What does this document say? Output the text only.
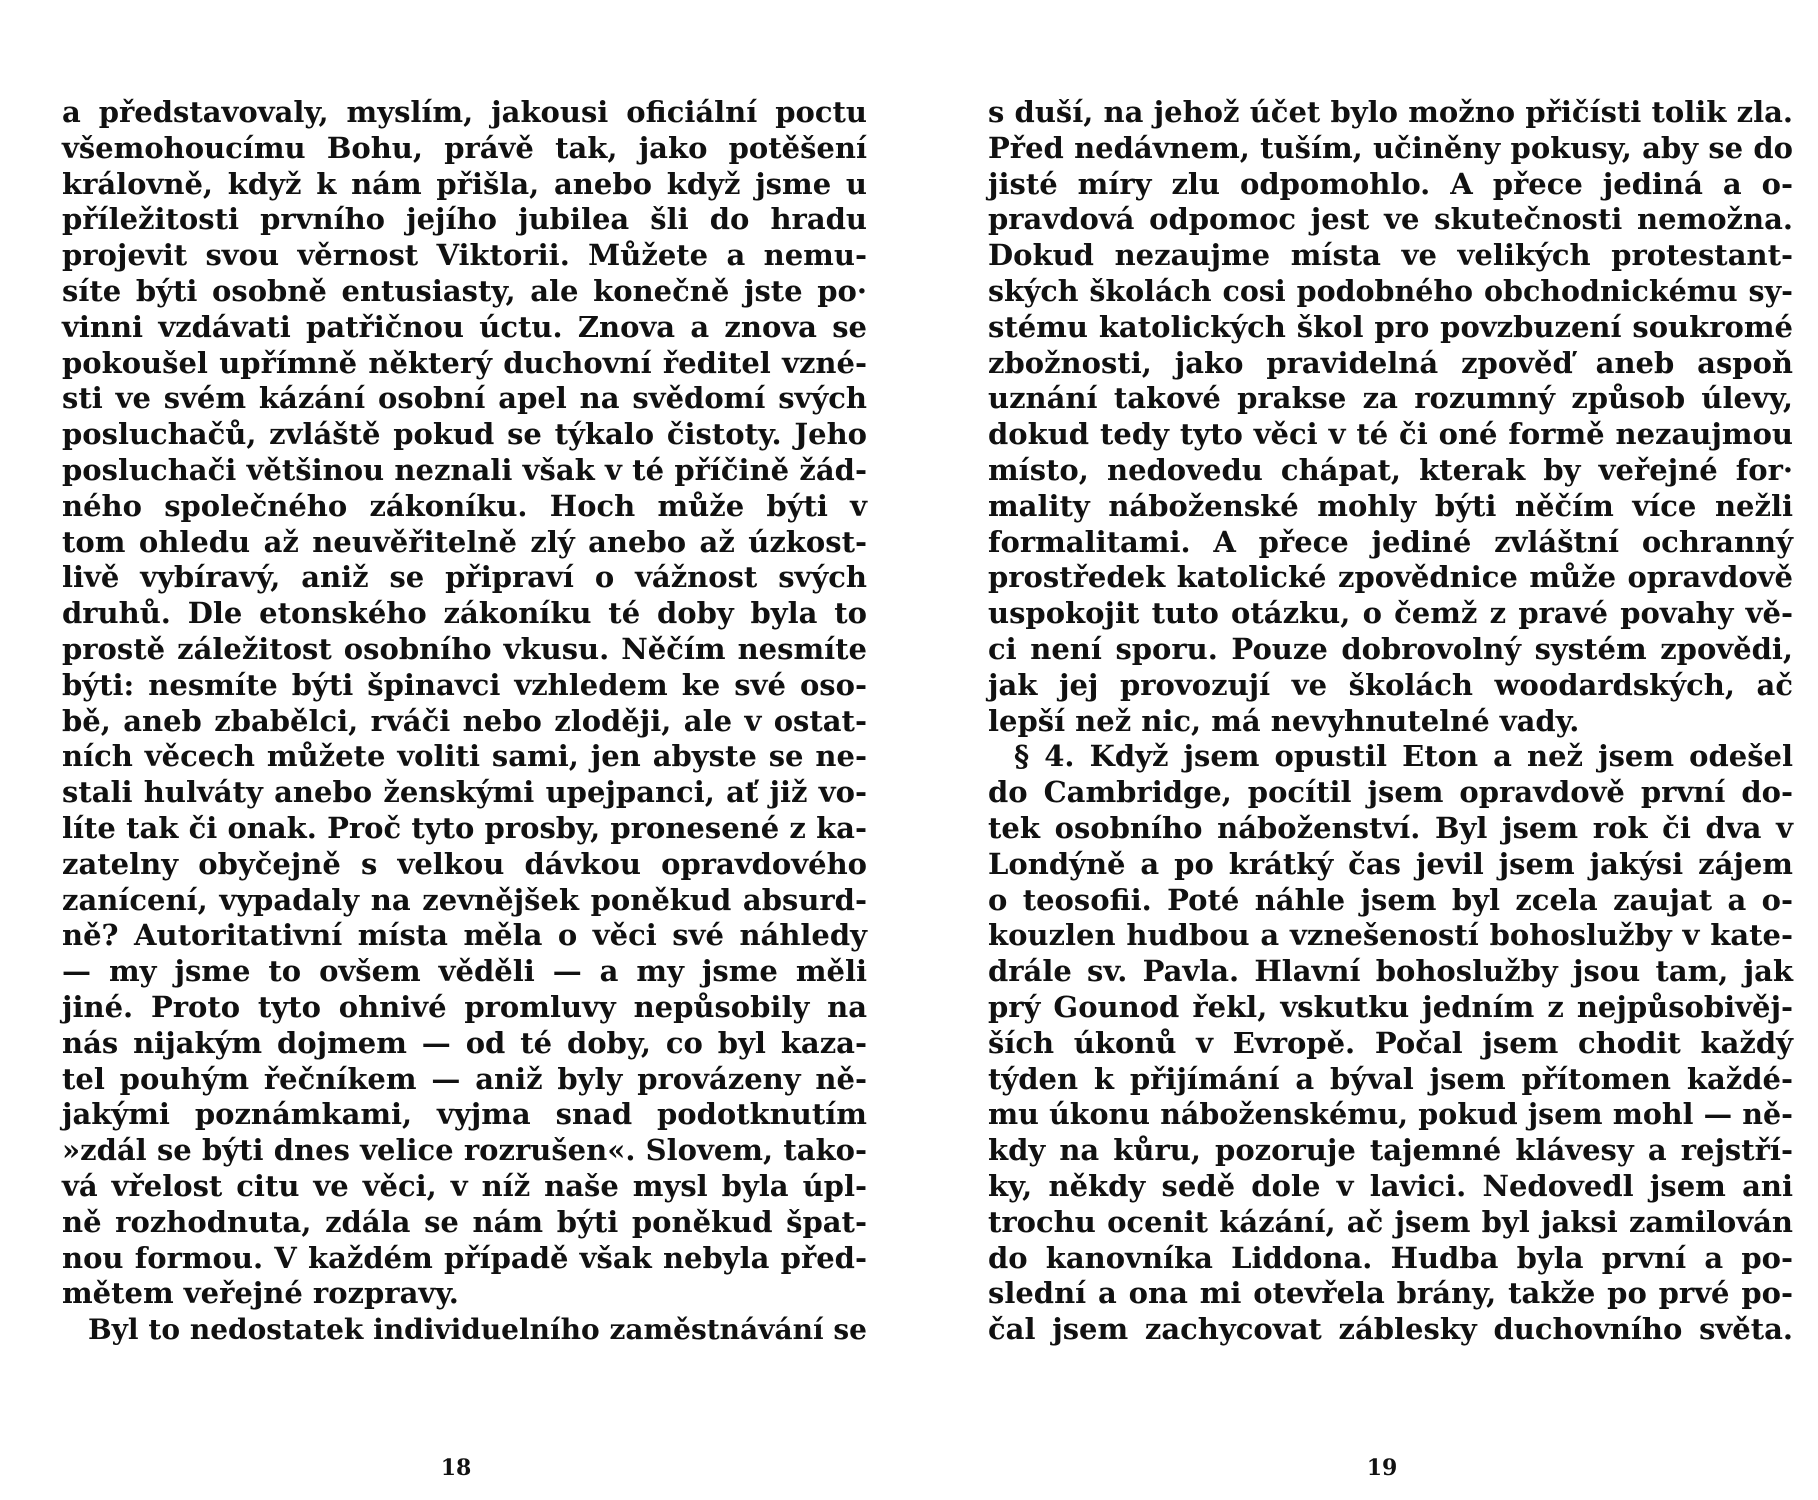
a představovaly, myslím, jakousi oficiální poctu
všemohoucímu Bohu, právě tak, jako potěšení
královně, když k nám přišla, anebo když jsme u
příležitosti prvního jejího jubilea šli do hradu
projevit svou věrnost Viktorii. Můžete a nemu-
síte býti osobně entusiasty, ale konečně jste po·
vinni vzdávati patřičnou úctu. Znova a znova se
pokoušel upřímně některý duchovní ředitel vzné-
sti ve svém kázání osobní apel na svědomí svých
posluchačů, zvláště pokud se týkalo čistoty. Jeho
posluchači většinou neznali však v té příčině žád-
ného společného zákoníku. Hoch může býti v
tom ohledu až neuvěřitelně zlý anebo až úzkost-
livě vybíravý, aniž se připraví o vážnost svých
druhů. Dle etonského zákoníku té doby byla to
prostě záležitost osobního vkusu. Něčím nesmíte
býti: nesmíte býti špinavci vzhledem ke své oso-
bě, aneb zbabělci, rváči nebo zloději, ale v ostat-
ních věcech můžete voliti sami, jen abyste se ne-
stali hulváty anebo ženskými upejpanci, ať již vo-
líte tak či onak. Proč tyto prosby, pronesené z ka-
zatelny obyčejně s velkou dávkou opravdového
zanícení, vypadaly na zevnějšek poněkud absurd-
ně? Autoritativní místa měla o věci své náhledy
— my jsme to ovšem věděli — a my jsme měli
jiné. Proto tyto ohnivé promluvy nepůsobily na
nás nijakým dojmem — od té doby, co byl kaza-
tel pouhým řečníkem — aniž byly provázeny ně-
jakými poznámkami, vyjma snad podotknutím
»zdál se býti dnes velice rozrušen«. Slovem, tako-
vá vřelost citu ve věci, v níž naše mysl byla úpl-
ně rozhodnuta, zdála se nám býti poněkud špat-
nou formou. V každém případě však nebyla před-
mětem veřejné rozpravy.
Byl to nedostatek individuelního zaměstnávání se
s duší, na jehož účet bylo možno přičísti tolik zla.
Před nedávnem, tuším, učiněny pokusy, aby se do
jisté míry zlu odpomohlo. A přece jediná a o-
pravdová odpomoc jest ve skutečnosti nemožna.
Dokud nezaujme místa ve velikých protestant-
ských školách cosi podobného obchodnickému sy-
stému katolických škol pro povzbuzení soukromé
zbožnosti, jako pravidelná zpověď aneb aspoň
uznání takové prakse za rozumný způsob úlevy,
dokud tedy tyto věci v té či oné formě nezaujmou
místo, nedovedu chápat, kterak by veřejné for·
mality náboženské mohly býti něčím více nežli
formalitami. A přece jediné zvláštní ochranný
prostředek katolické zpovědnice může opravdově
uspokojit tuto otázku, o čemž z pravé povahy vě-
ci není sporu. Pouze dobrovolný systém zpovědi,
jak jej provozují ve školách woodardských, ač
lepší než nic, má nevyhnutelné vady.
§ 4. Když jsem opustil Eton a než jsem odešel
do Cambridge, pocítil jsem opravdově první do-
tek osobního náboženství. Byl jsem rok či dva v
Londýně a po krátký čas jevil jsem jakýsi zájem
o teosofii. Poté náhle jsem byl zcela zaujat a o-
kouzlen hudbou a vznešeností bohoslužby v kate-
drále sv. Pavla. Hlavní bohoslužby jsou tam, jak
prý Gounod řekl, vskutku jedním z nejpůsobivěj-
ších úkonů v Evropě. Počal jsem chodit každý
týden k přijímání a býval jsem přítomen každé-
mu úkonu náboženskému, pokud jsem mohl — ně-
kdy na kůru, pozoruje tajemné klávesy a rejstří-
ky, někdy sedě dole v lavici. Nedovedl jsem ani
trochu ocenit kázání, ač jsem byl jaksi zamilován
do kanovníka Liddona. Hudba byla první a po-
slední a ona mi otevřela brány, takže po prvé po-
čal jsem zachycovat záblesky duchovního světa.
18	19
